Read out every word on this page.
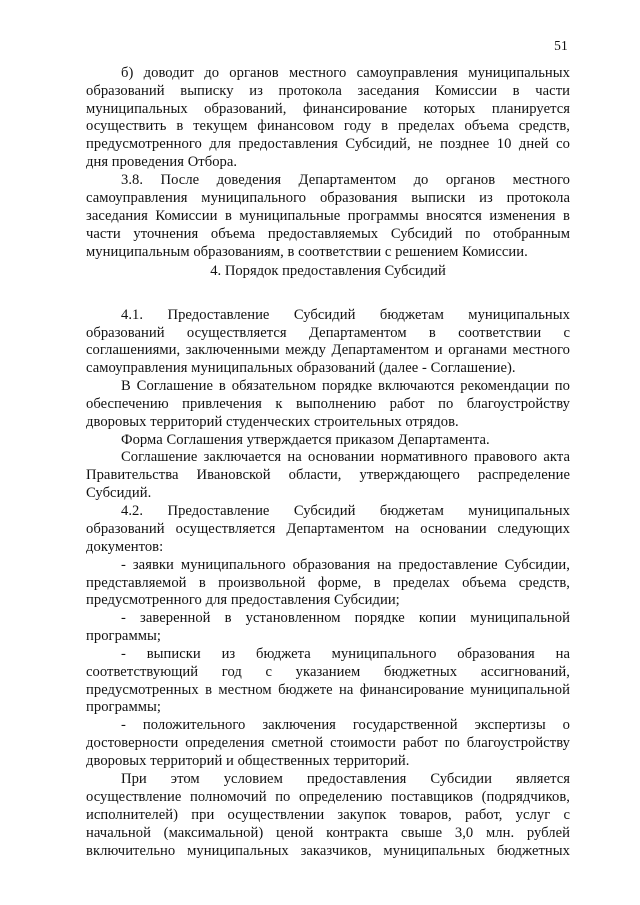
51
4. Порядок предоставления Субсидий
б) доводит до органов местного самоуправления муниципальных
образований выписку из протокола заседания Комиссии в части
муниципальных образований, финансирование которых планируется
осуществить в текущем финансовом году в пределах объема средств,
предусмотренного для предоставления Субсидий, не позднее 10 дней со
дня проведения Отбора.
3.8. После доведения Департаментом до органов местного
самоуправления муниципального образования выписки из протокола
заседания Комиссии в муниципальные программы вносятся изменения в
части уточнения объема предоставляемых Субсидий по отобранным
муниципальным образованиям, в соответствии с решением Комиссии.
4.1. Предоставление Субсидий бюджетам муниципальных
образований осуществляется Департаментом в соответствии с
соглашениями, заключенными между Департаментом и органами местного
самоуправления муниципальных образований (далее - Соглашение).
В Соглашение в обязательном порядке включаются рекомендации по
обеспечению привлечения к выполнению работ по благоустройству
дворовых территорий студенческих строительных отрядов.
Форма Соглашения утверждается приказом Департамента.
Соглашение заключается на основании нормативного правового акта
Правительства Ивановской области, утверждающего распределение
Субсидий.
4.2. Предоставление Субсидий бюджетам муниципальных
образований осуществляется Департаментом на основании следующих
документов:
- заявки муниципального образования на предоставление Субсидии,
представляемой в произвольной форме, в пределах объема средств,
предусмотренного для предоставления Субсидии;
- заверенной в установленном порядке копии муниципальной
программы;
- выписки из бюджета муниципального образования на
соответствующий год с указанием бюджетных ассигнований,
предусмотренных в местном бюджете на финансирование муниципальной
программы;
- положительного заключения государственной экспертизы о
достоверности определения сметной стоимости работ по благоустройству
дворовых территорий и общественных территорий.
При этом условием предоставления Субсидии является
осуществление полномочий по определению поставщиков (подрядчиков,
исполнителей) при осуществлении закупок товаров, работ, услуг с
начальной (максимальной) ценой контракта свыше 3,0 млн. рублей
включительно муниципальных заказчиков, муниципальных бюджетных
